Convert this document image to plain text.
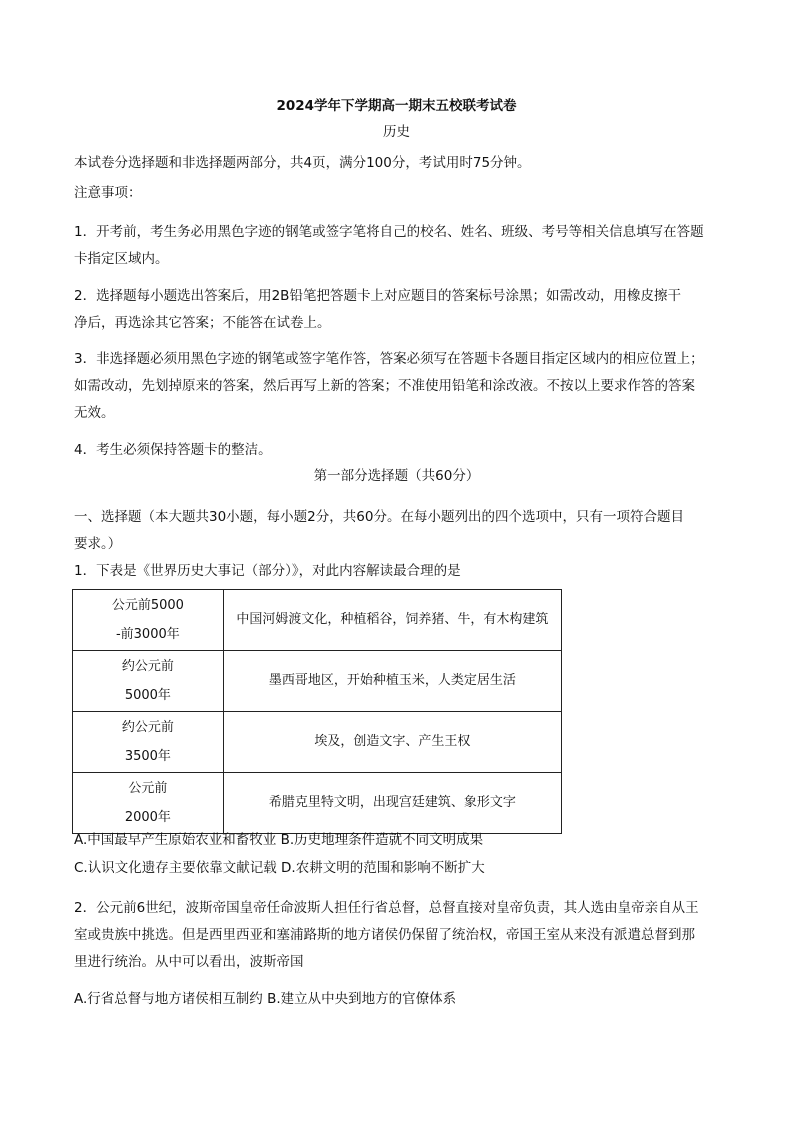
2024学年下学期高一期末五校联考试卷
历史
本试卷分选择题和非选择题两部分，共4页，满分100分，考试用时75分钟。
注意事项：
1．开考前，考生务必用黑色字迹的钢笔或签字笔将自己的校名、姓名、班级、考号等相关信息填写在答题
卡指定区域内。
2．选择题每小题选出答案后，用2B铅笔把答题卡上对应题目的答案标号涂黑；如需改动，用橡皮擦干
净后，再选涂其它答案；不能答在试卷上。
3．非选择题必须用黑色字迹的钢笔或签字笔作答，答案必须写在答题卡各题目指定区域内的相应位置上；
如需改动，先划掉原来的答案，然后再写上新的答案；不准使用铅笔和涂改液。不按以上要求作答的答案
无效。
4．考生必须保持答题卡的整洁。
第一部分选择题（共60分）
一、选择题（本大题共30小题，每小题2分，共60分。在每小题列出的四个选项中，只有一项符合题目
要求。）
1．下表是《世界历史大事记（部分）》，对此内容解读最合理的是
公元前5000
-前3000年	中国河姆渡文化，种植稻谷，饲养猪、牛，有木构建筑

约公元前
5000年	墨西哥地区，开始种植玉米，人类定居生活

约公元前
3500年	埃及，创造文字、产生王权

公元前
2000年	希腊克里特文明，出现宫廷建筑、象形文字
A.中国最早产生原始农业和畜牧业 B.历史地理条件造就不同文明成果
C.认识文化遗存主要依靠文献记载 D.农耕文明的范围和影响不断扩大
2．公元前6世纪，波斯帝国皇帝任命波斯人担任行省总督，总督直接对皇帝负责，其人选由皇帝亲自从王
室或贵族中挑选。但是西里西亚和塞浦路斯的地方诸侯仍保留了统治权，帝国王室从来没有派遣总督到那
里进行统治。从中可以看出，波斯帝国
A.行省总督与地方诸侯相互制约 B.建立从中央到地方的官僚体系
